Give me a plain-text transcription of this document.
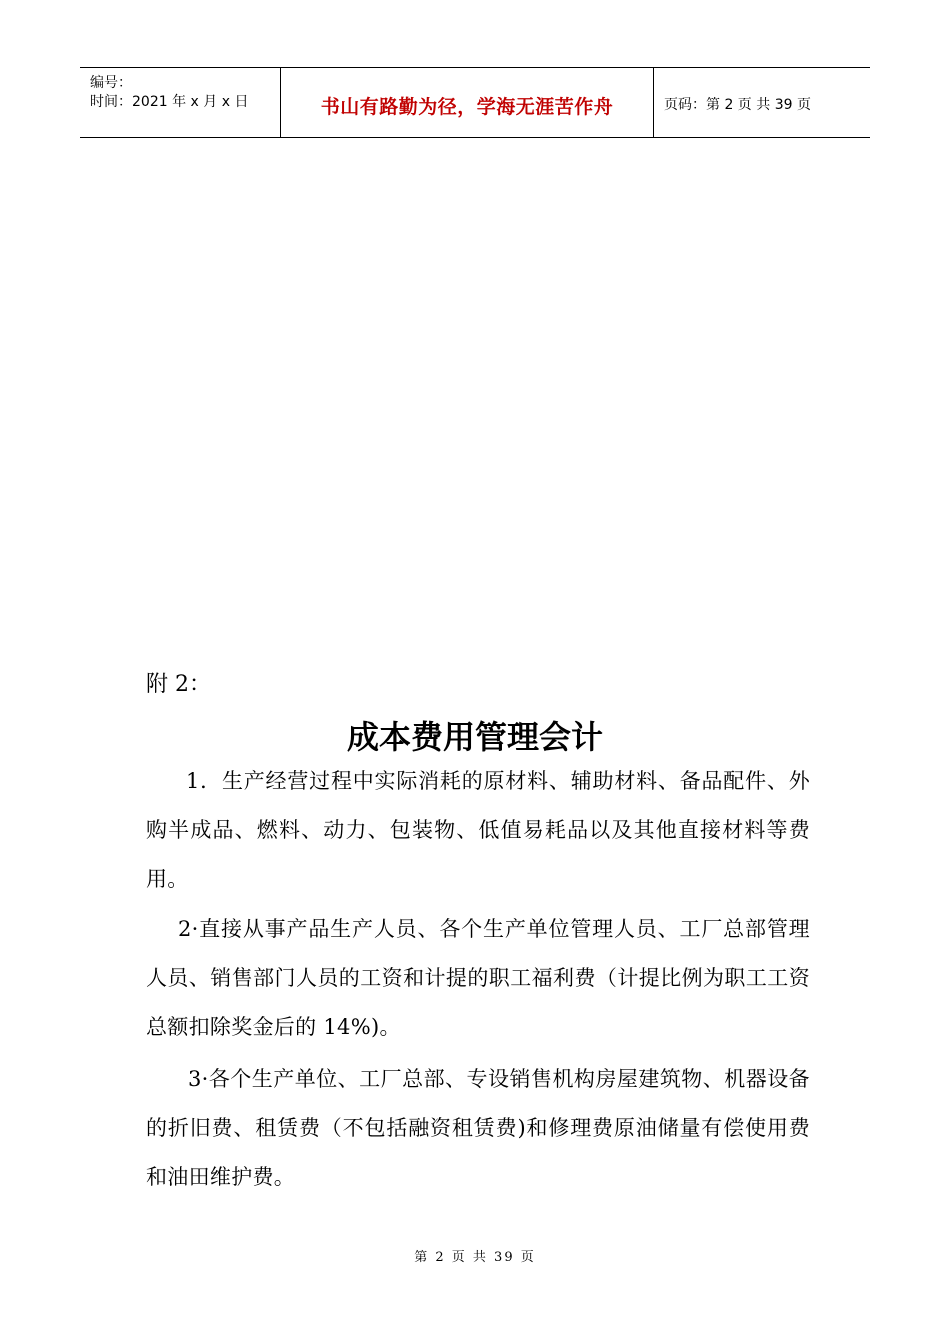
编号：
时间：2021 年 x 月 x 日	书山有路勤为径，学海无涯苦作舟	页码：第 2 页 共 39 页
附 2：
成本费用管理会计
1．生产经营过程中实际消耗的原材料、辅助材料、备品配件、外购半成品、燃料、动力、包装物、低值易耗品以及其他直接材料等费用。
2·直接从事产品生产人员、各个生产单位管理人员、工厂总部管理人员、销售部门人员的工资和计提的职工福利费（计提比例为职工工资总额扣除奖金后的 14%)。
3·各个生产单位、工厂总部、专设销售机构房屋建筑物、机器设备的折旧费、租赁费（不包括融资租赁费)和修理费原油储量有偿使用费和油田维护费。
第 2 页 共 39 页
